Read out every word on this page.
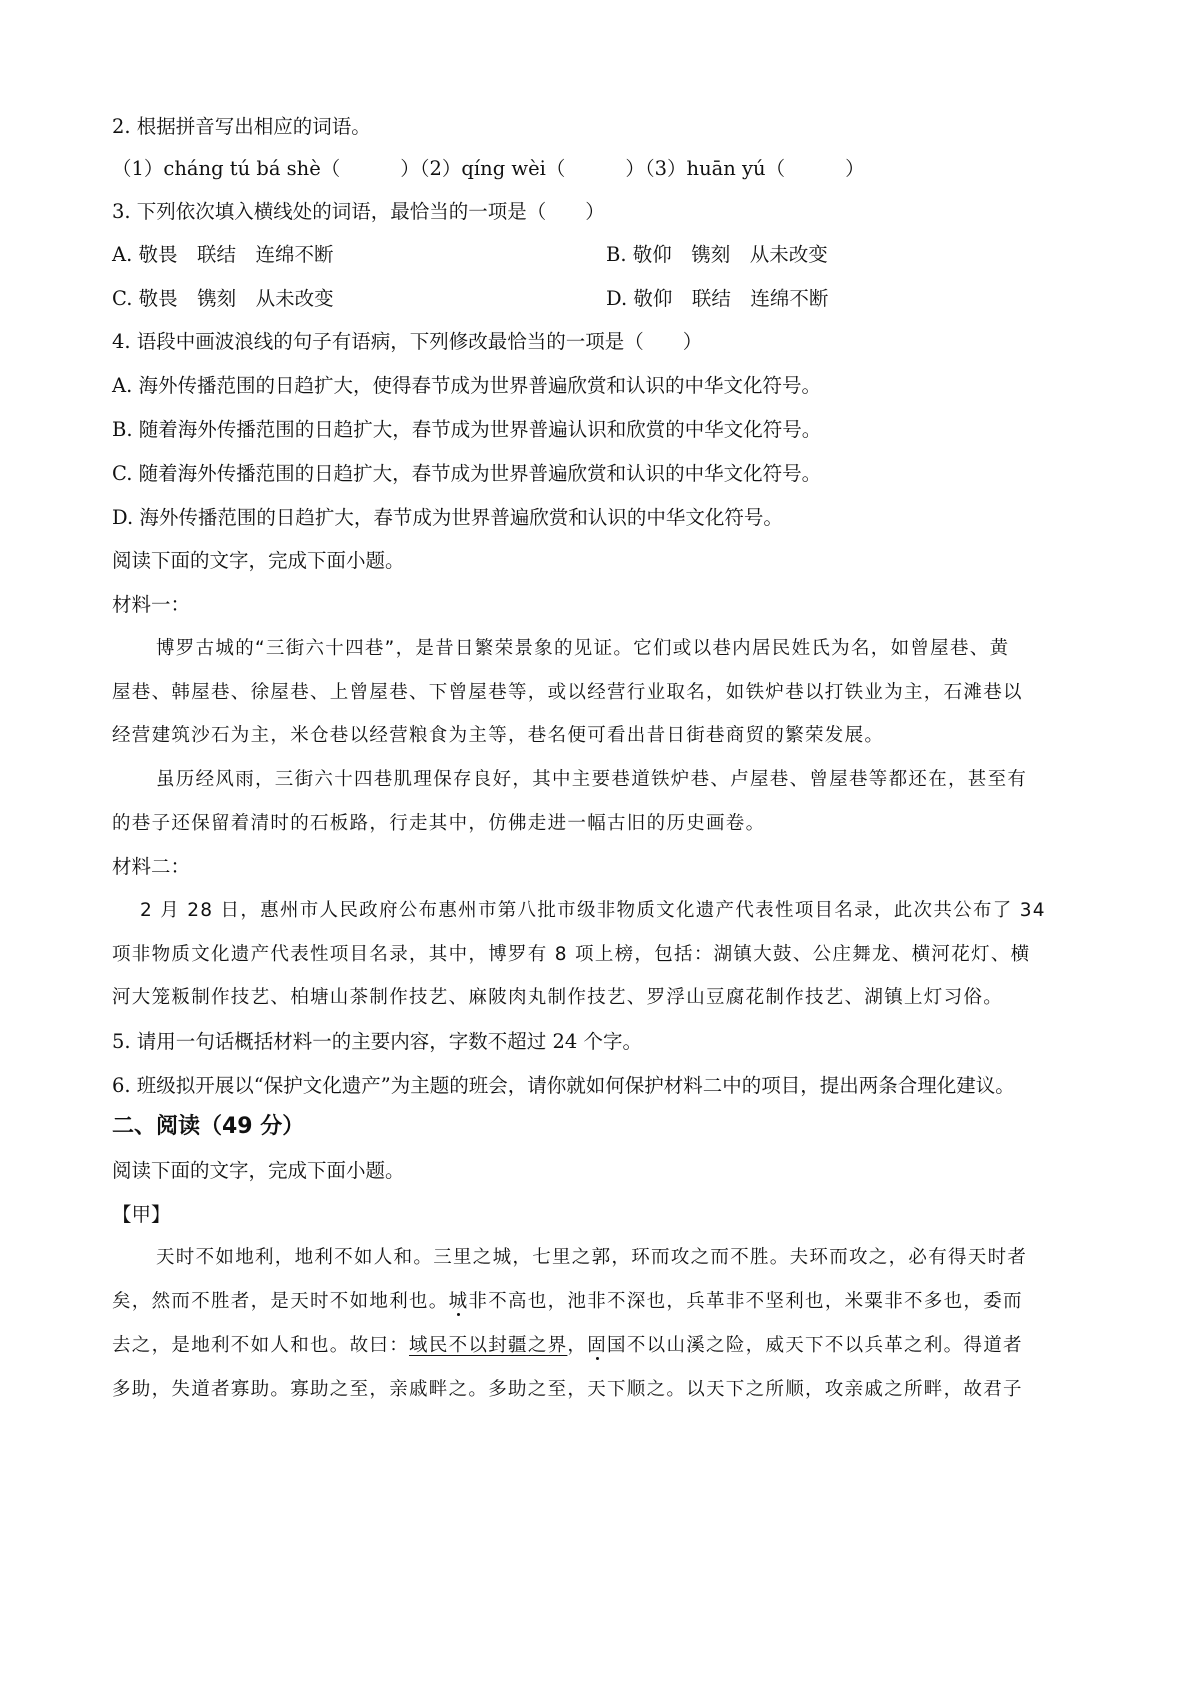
2. 根据拼音写出相应的词语。
（1）cháng tú bá shè（	）（2）qíng wèi（	）（3）huān yú（	）
3. 下列依次填入横线处的词语，最恰当的一项是（　　）
A. 敬畏　联结　连绵不断	B. 敬仰　镌刻　从未改变
C. 敬畏　镌刻　从未改变	D. 敬仰　联结　连绵不断
4. 语段中画波浪线的句子有语病，下列修改最恰当的一项是（　　）
A. 海外传播范围的日趋扩大，使得春节成为世界普遍欣赏和认识的中华文化符号。
B. 随着海外传播范围的日趋扩大，春节成为世界普遍认识和欣赏的中华文化符号。
C. 随着海外传播范围的日趋扩大，春节成为世界普遍欣赏和认识的中华文化符号。
D. 海外传播范围的日趋扩大，春节成为世界普遍欣赏和认识的中华文化符号。
阅读下面的文字，完成下面小题。
材料一：
博罗古城的“三街六十四巷”，是昔日繁荣景象的见证。它们或以巷内居民姓氏为名，如曾屋巷、黄
屋巷、韩屋巷、徐屋巷、上曾屋巷、下曾屋巷等，或以经营行业取名，如铁炉巷以打铁业为主，石滩巷以
经营建筑沙石为主，米仓巷以经营粮食为主等，巷名便可看出昔日街巷商贸的繁荣发展。
虽历经风雨，三街六十四巷肌理保存良好，其中主要巷道铁炉巷、卢屋巷、曾屋巷等都还在，甚至有
的巷子还保留着清时的石板路，行走其中，仿佛走进一幅古旧的历史画卷。
材料二：
2 月 28 日，惠州市人民政府公布惠州市第八批市级非物质文化遗产代表性项目名录，此次共公布了 34
项非物质文化遗产代表性项目名录，其中，博罗有 8 项上榜，包括：湖镇大鼓、公庄舞龙、横河花灯、横
河大笼粄制作技艺、柏塘山茶制作技艺、麻陂肉丸制作技艺、罗浮山豆腐花制作技艺、湖镇上灯习俗。
5. 请用一句话概括材料一的主要内容，字数不超过 24 个字。
6. 班级拟开展以“保护文化遗产”为主题的班会，请你就如何保护材料二中的项目，提出两条合理化建议。
二、阅读（49 分）
阅读下面的文字，完成下面小题。
【甲】
天时不如地利，地利不如人和。三里之城，七里之郭，环而攻之而不胜。夫环而攻之，必有得天时者
矣，然而不胜者，是天时不如地利也。城非不高也，池非不深也，兵革非不坚利也，米粟非不多也，委而
去之，是地利不如人和也。故曰：域民不以封疆之界，固国不以山溪之险，威天下不以兵革之利。得道者
多助，失道者寡助。寡助之至，亲戚畔之。多助之至，天下顺之。以天下之所顺，攻亲戚之所畔，故君子
